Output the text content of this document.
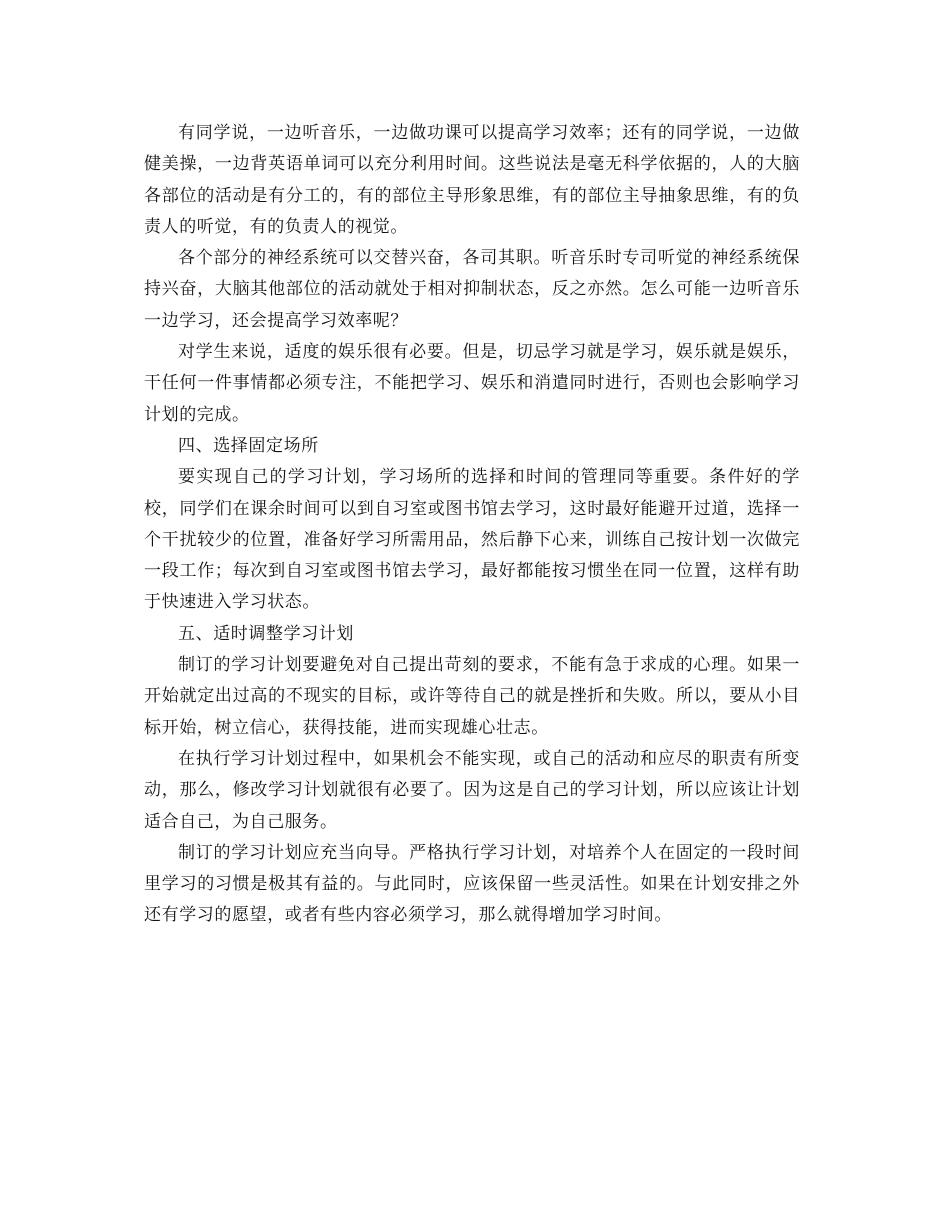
有同学说，一边听音乐，一边做功课可以提高学习效率；还有的同学说，一边做健美操，一边背英语单词可以充分利用时间。这些说法是毫无科学依据的，人的大脑各部位的活动是有分工的，有的部位主导形象思维，有的部位主导抽象思维，有的负责人的听觉，有的负责人的视觉。

各个部分的神经系统可以交替兴奋，各司其职。听音乐时专司听觉的神经系统保持兴奋，大脑其他部位的活动就处于相对抑制状态，反之亦然。怎么可能一边听音乐一边学习，还会提高学习效率呢？

对学生来说，适度的娱乐很有必要。但是，切忌学习就是学习，娱乐就是娱乐，干任何一件事情都必须专注，不能把学习、娱乐和消遣同时进行，否则也会影响学习计划的完成。

四、选择固定场所

要实现自己的学习计划，学习场所的选择和时间的管理同等重要。条件好的学校，同学们在课余时间可以到自习室或图书馆去学习，这时最好能避开过道，选择一个干扰较少的位置，准备好学习所需用品，然后静下心来，训练自己按计划一次做完一段工作；每次到自习室或图书馆去学习，最好都能按习惯坐在同一位置，这样有助于快速进入学习状态。

五、适时调整学习计划

制订的学习计划要避免对自己提出苛刻的要求，不能有急于求成的心理。如果一开始就定出过高的不现实的目标，或许等待自己的就是挫折和失败。所以，要从小目标开始，树立信心，获得技能，进而实现雄心壮志。

在执行学习计划过程中，如果机会不能实现，或自己的活动和应尽的职责有所变动，那么，修改学习计划就很有必要了。因为这是自己的学习计划，所以应该让计划适合自己，为自己服务。

制订的学习计划应充当向导。严格执行学习计划，对培养个人在固定的一段时间里学习的习惯是极其有益的。与此同时，应该保留一些灵活性。如果在计划安排之外还有学习的愿望，或者有些内容必须学习，那么就得增加学习时间。
